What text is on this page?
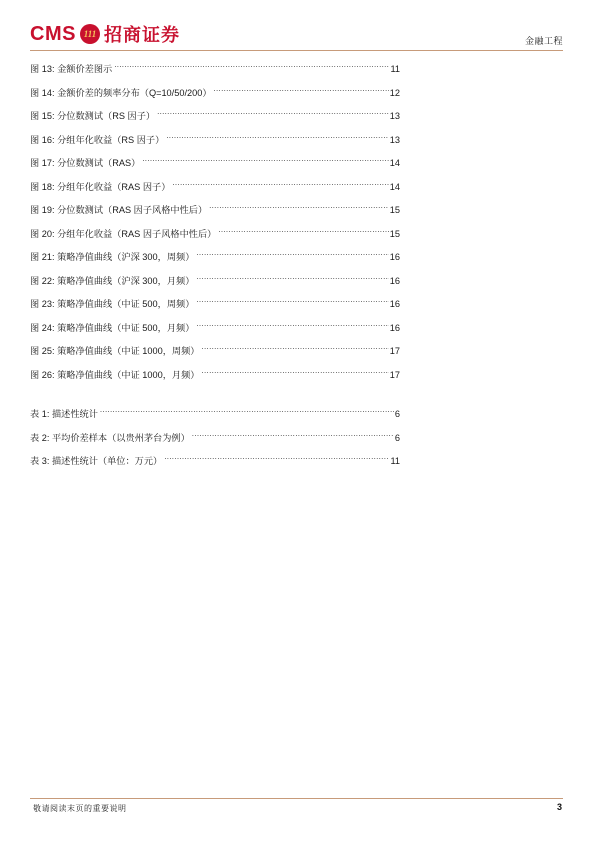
CMS 111 招商证券	金融工程
图 13: 金额价差图示 .....	11
图 14: 金额价差的频率分布（Q=10/50/200） .....	12
图 15: 分位数测试（RS 因子） .....	13
图 16: 分组年化收益（RS 因子） .....	13
图 17: 分位数测试（RAS） .....	14
图 18: 分组年化收益（RAS 因子） .....	14
图 19: 分位数测试（RAS 因子风格中性后） .....	15
图 20: 分组年化收益（RAS 因子风格中性后） .....	15
图 21: 策略净值曲线（沪深 300，周频） .....	16
图 22: 策略净值曲线（沪深 300，月频） .....	16
图 23: 策略净值曲线（中证 500，周频） .....	16
图 24: 策略净值曲线（中证 500，月频） .....	16
图 25: 策略净值曲线（中证 1000，周频） .....	17
图 26: 策略净值曲线（中证 1000，月频） .....	17
表 1: 描述性统计 .....	6
表 2: 平均价差样本（以贵州茅台为例） .....	6
表 3: 描述性统计（单位：万元） .....	11
敬请阅读末页的重要说明	3
